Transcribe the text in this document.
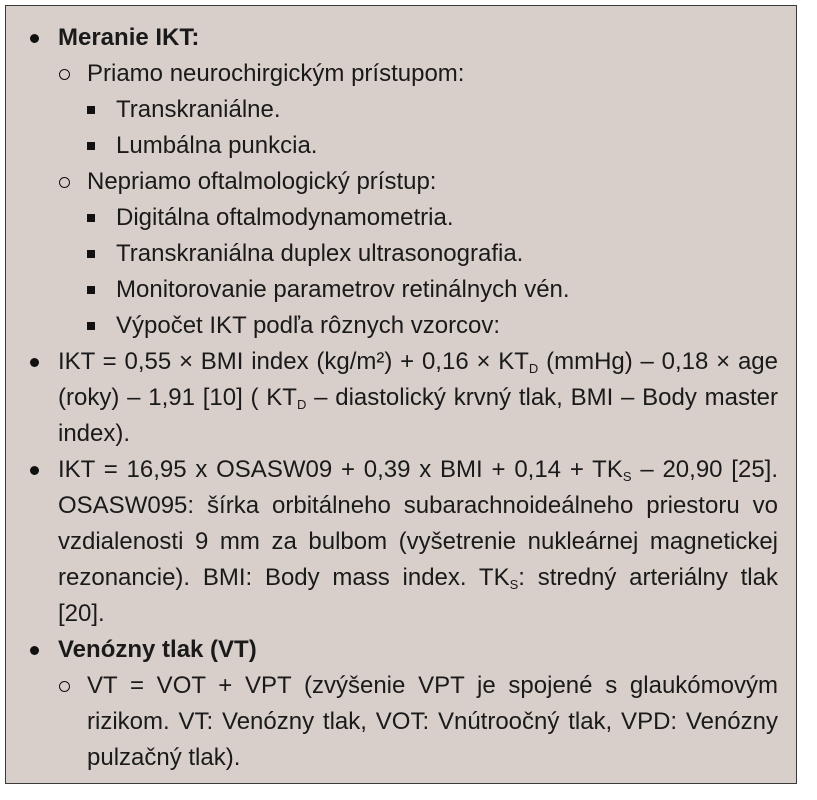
Meranie IKT:
Priamo neurochirgickým prístupom:
Transkraniálne.
Lumbálna punkcia.
Nepriamo oftalmologický prístup:
Digitálna oftalmodynamometria.
Transkraniálna duplex ultrasonografia.
Monitorovanie parametrov retinálnych vén.
Výpočet IKT podľa rôznych vzorcov:
IKT = 0,55 × BMI index $(kg/m^2) + 0,16 \times KT_D$ (mmHg) – 0,18 × age (roky) – 1,91 [10] ( $KT_D$ – diastolický krvný tlak, BMI – Body master index).
IKT = 16,95 x OSASW09 + 0,39 x BMI + $0,14 + TK_S - 20,90$ [25]. OSASW095: šírka orbitálneho subarachnoideálneho priestoru vo vzdialenosti 9 mm za bulbom (vyšetrenie nukleárnej magnetickej rezonancie). BMI: Body mass index. $TK_S$: stredný arteriálny tlak [20].
Venózny tlak (VT)
VT = VOT + VPT (zvýšenie VPT je spojené s glaukómovým rizikom. VT: Venózny tlak, VOT: Vnútroočný tlak, VPD: Venózny pulzačný tlak).
